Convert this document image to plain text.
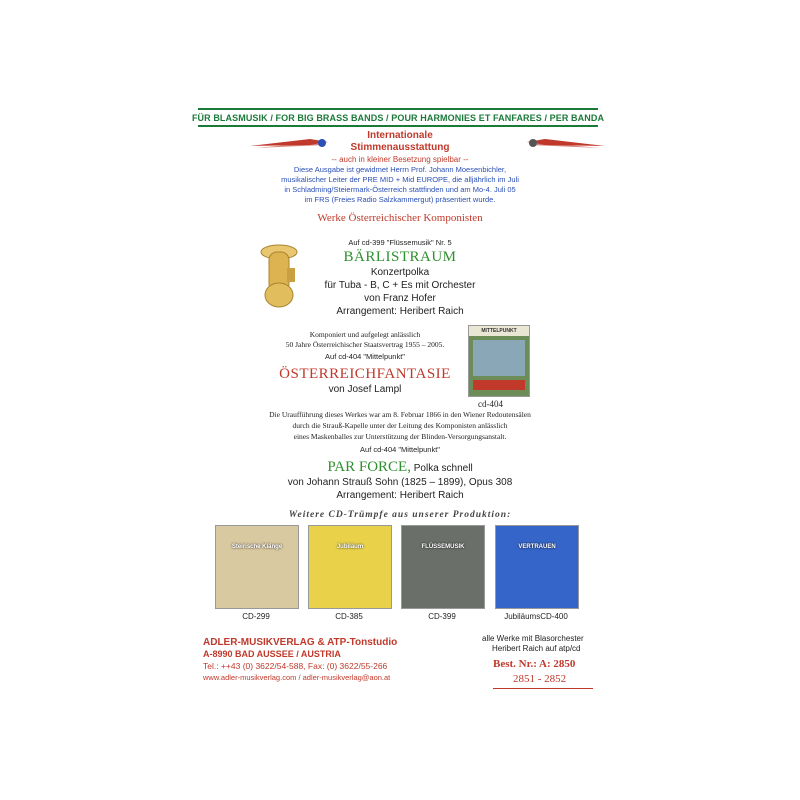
FÜR BLASMUSIK / FOR BIG BRASS BANDS / POUR HARMONIES ET FANFARES / PER BANDA
Internationale
Stimmenausstattung
-- auch in kleiner Besetzung spielbar --
Diese Ausgabe ist gewidmet Herrn Prof. Johann Moesenbichler,
musikalischer Leiter der PRE MID + Mid EUROPE, die alljährlich im Juli
in Schladming/Steiermark-Österreich stattfinden und am Mo-4. Juli 05
im FRS (Freies Radio Salzkammergut) präsentiert wurde.
Werke Österreichischer Komponisten
Auf cd-399 "Flüssemusik" Nr. 5
BÄRLISTRAUM
Konzertpolka
für Tuba - B, C + Es mit Orchester
von Franz Hofer
Arrangement: Heribert Raich
Komponiert und aufgelegt anlässlich
50 Jahre Österreichischer Staatsvertrag 1955 – 2005.
Auf cd-404 "Mittelpunkt"
ÖSTERREICHFANTASIE
von Josef Lampl
MITTELPUNKT
cd-404
Die Uraufführung dieses Werkes war am 8. Februar 1866 in den Wiener Redoutensälen
durch die Strauß-Kapelle unter der Leitung des Komponisten anlässlich
eines Maskenballes zur Unterstützung der Blinden-Versorgungsanstalt.
Auf cd-404 "Mittelpunkt"
PAR FORCE, Polka schnell
von Johann Strauß Sohn (1825 – 1899), Opus 308
Arrangement: Heribert Raich
Weitere CD-Trümpfe aus unserer Produktion:
Steirische Klänge
CD-299
Jubiläum
CD-385
FLÜSSEMUSIK
CD-399
VERTRAUEN
JubiläumsCD-400
ADLER-MUSIKVERLAG & ATP-Tonstudio
A-8990 BAD AUSSEE / AUSTRIA
Tel.: ++43 (0) 3622/54-588, Fax: (0) 3622/55-266
www.adler-musikverlag.com / adler-musikverlag@aon.at
alle Werke mit Blasorchester
Heribert Raich auf atp/cd
Best. Nr.: A: 2850
2851 - 2852
